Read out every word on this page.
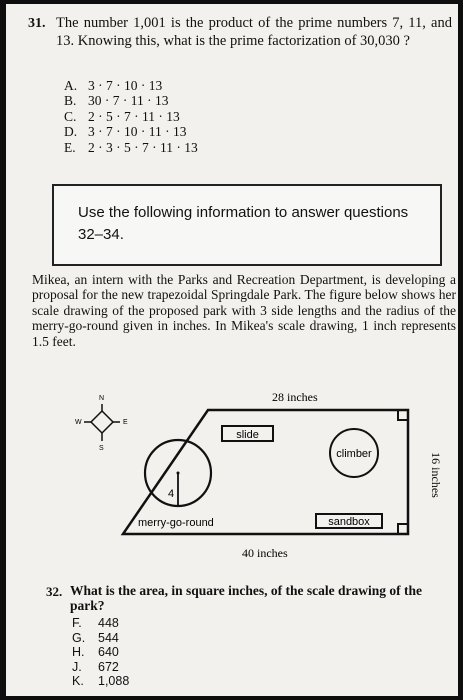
31. The number 1,001 is the product of the prime numbers 7, 11, and 13. Knowing this, what is the prime factorization of 30,030 ?
A. 3 · 7 · 10 · 13
B. 30 · 7 · 11 · 13
C. 2 · 5 · 7 · 11 · 13
D. 3 · 7 · 10 · 11 · 13
E. 2 · 3 · 5 · 7 · 11 · 13
Use the following information to answer questions 32–34.
Mikea, an intern with the Parks and Recreation Department, is developing a proposal for the new trapezoidal Springdale Park. The figure below shows her scale drawing of the proposed park with 3 side lengths and the radius of the merry-go-round given in inches. In Mikea's scale drawing, 1 inch represents 1.5 feet.
N
S
E
W
28 inches
40 inches
16 inches
slide
4
merry-go-round
climber
sandbox
32. What is the area, in square inches, of the scale drawing of the park?
F. 448
G. 544
H. 640
J. 672
K. 1,088
